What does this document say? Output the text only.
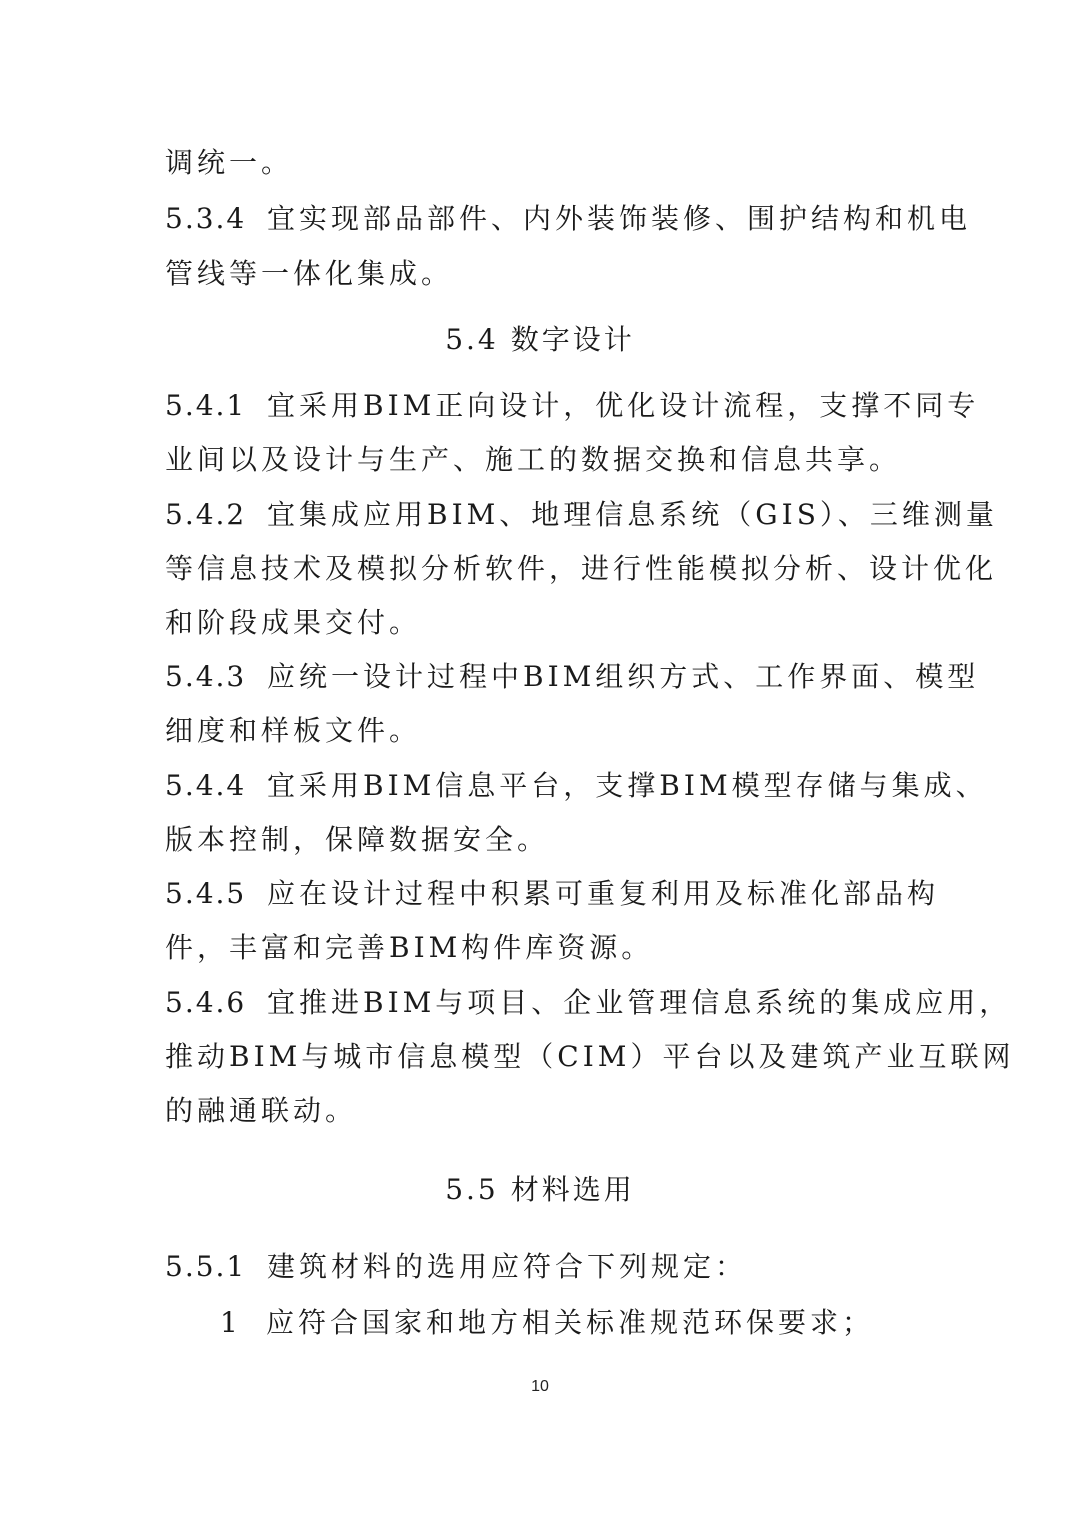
调统一。
5.3.4 宜实现部品部件、内外装饰装修、围护结构和机电
管线等一体化集成。
5.4 数字设计
5.4.1 宜采用BIM正向设计，优化设计流程，支撑不同专
业间以及设计与生产、施工的数据交换和信息共享。
5.4.2 宜集成应用BIM、地理信息系统（GIS）、三维测量
等信息技术及模拟分析软件，进行性能模拟分析、设计优化
和阶段成果交付。
5.4.3 应统一设计过程中BIM组织方式、工作界面、模型
细度和样板文件。
5.4.4 宜采用BIM信息平台，支撑BIM模型存储与集成、
版本控制，保障数据安全。
5.4.5 应在设计过程中积累可重复利用及标准化部品构
件，丰富和完善BIM构件库资源。
5.4.6 宜推进BIM与项目、企业管理信息系统的集成应用，
推动BIM与城市信息模型（CIM）平台以及建筑产业互联网
的融通联动。
5.5 材料选用
5.5.1 建筑材料的选用应符合下列规定：
1 应符合国家和地方相关标准规范环保要求；
10
